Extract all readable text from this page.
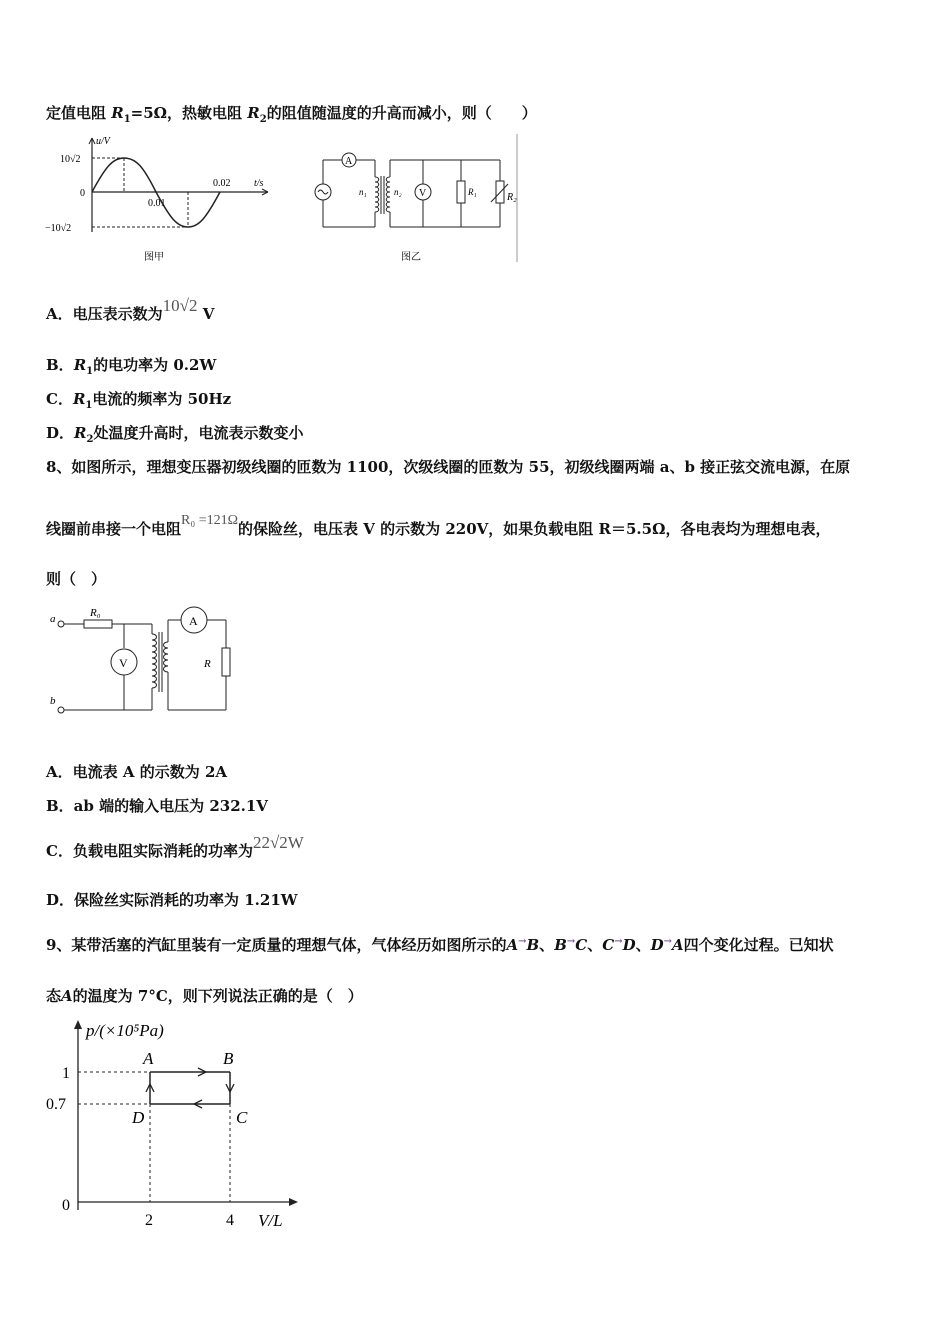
定值电阻 $R_1=5\Omega$，热敏电阻 $R_2$的阻值随温度的升高而减小，则（　　）
u/V
t/s
10√2
0
−10√2
0.01
0.02
图甲
A
n₁	n₂ V	R₁	R₂
图乙
A．电压表示数为10√2 V
B．$R_1$的电功率为 0.2W
C．$R_1$电流的频率为 50Hz
D．$R_2$处温度升高时，电流表示数变小
8、如图所示，理想变压器初级线圈的匝数为 1100，次级线圈的匝数为 55，初级线圈两端 a、b 接正弦交流电源，在原
线圈前串接一个电阻R₀ =121Ω的保险丝，电压表 V 的示数为 220V，如果负载电阻 R＝5.5Ω，各电表均为理想电表，
则（　）
a
b
R₀
V
A
R
A．电流表 A 的示数为 2A
B．ab 端的输入电压为 232.1V
C．负载电阻实际消耗的功率为22√2W
D．保险丝实际消耗的功率为 1.21W
9、某带活塞的汽缸里装有一定质量的理想气体，气体经历如图所示的A→B、B→C、C→D、D→A四个变化过程。已知状
态A的温度为 7°C，则下列说法正确的是（　）
p/(×10⁵Pa)
V/L
1
0.7
0
2	4
A	B
C
D
